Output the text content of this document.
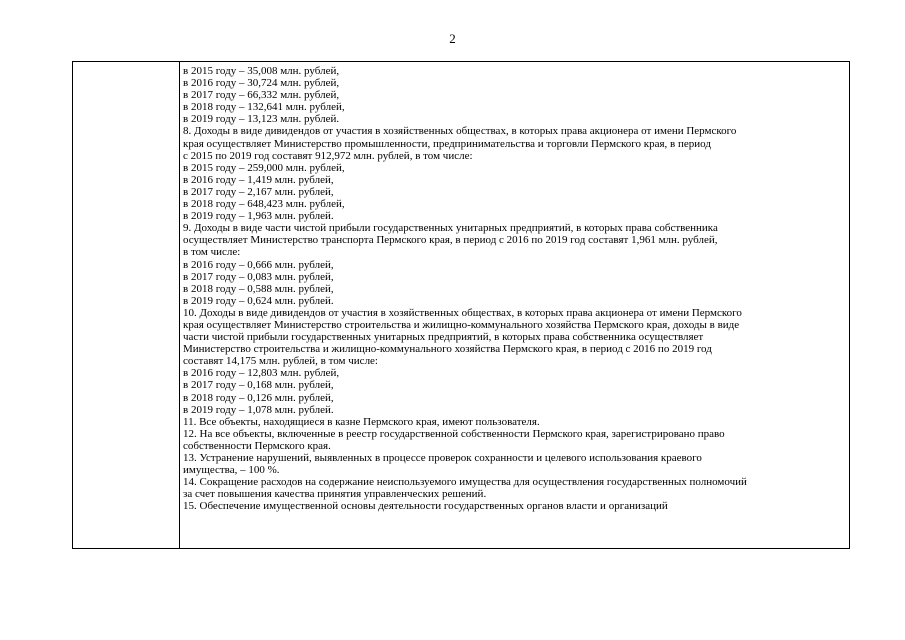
2
в 2015 году – 35,008 млн. рублей,
в 2016 году – 30,724 млн. рублей,
в 2017 году – 66,332 млн. рублей,
в 2018 году – 132,641 млн. рублей,
в 2019 году – 13,123 млн. рублей.
8. Доходы в виде дивидендов от участия в хозяйственных обществах, в которых права акционера от имени Пермского
края осуществляет Министерство промышленности, предпринимательства и торговли Пермского края, в период
с 2015 по 2019 год составят 912,972 млн. рублей, в том числе:
в 2015 году – 259,000 млн. рублей,
в 2016 году – 1,419 млн. рублей,
в 2017 году – 2,167 млн. рублей,
в 2018 году – 648,423 млн. рублей,
в 2019 году – 1,963 млн. рублей.
9. Доходы в виде части чистой прибыли государственных унитарных предприятий, в которых права собственника
осуществляет Министерство транспорта Пермского края, в период с 2016 по 2019 год составят 1,961 млн. рублей,
в том числе:
в 2016 году – 0,666 млн. рублей,
в 2017 году – 0,083 млн. рублей,
в 2018 году – 0,588 млн. рублей,
в 2019 году – 0,624 млн. рублей.
10. Доходы в виде дивидендов от участия в хозяйственных обществах, в которых права акционера от имени Пермского
края осуществляет Министерство строительства и жилищно-коммунального хозяйства Пермского края, доходы в виде
части чистой прибыли государственных унитарных предприятий, в которых права собственника осуществляет
Министерство строительства и жилищно-коммунального хозяйства Пермского края, в период с 2016 по 2019 год
составят 14,175 млн. рублей, в том числе:
в 2016 году – 12,803 млн. рублей,
в 2017 году – 0,168 млн. рублей,
в 2018 году – 0,126 млн. рублей,
в 2019 году – 1,078 млн. рублей.
11. Все объекты, находящиеся в казне Пермского края, имеют пользователя.
12. На все объекты, включенные в реестр государственной собственности Пермского края, зарегистрировано право
собственности Пермского края.
13. Устранение нарушений, выявленных в процессе проверок сохранности и целевого использования краевого
имущества, – 100 %.
14. Сокращение расходов на содержание неиспользуемого имущества для осуществления государственных полномочий
за счет повышения качества принятия управленческих решений.
15. Обеспечение имущественной основы деятельности государственных органов власти и организаций
